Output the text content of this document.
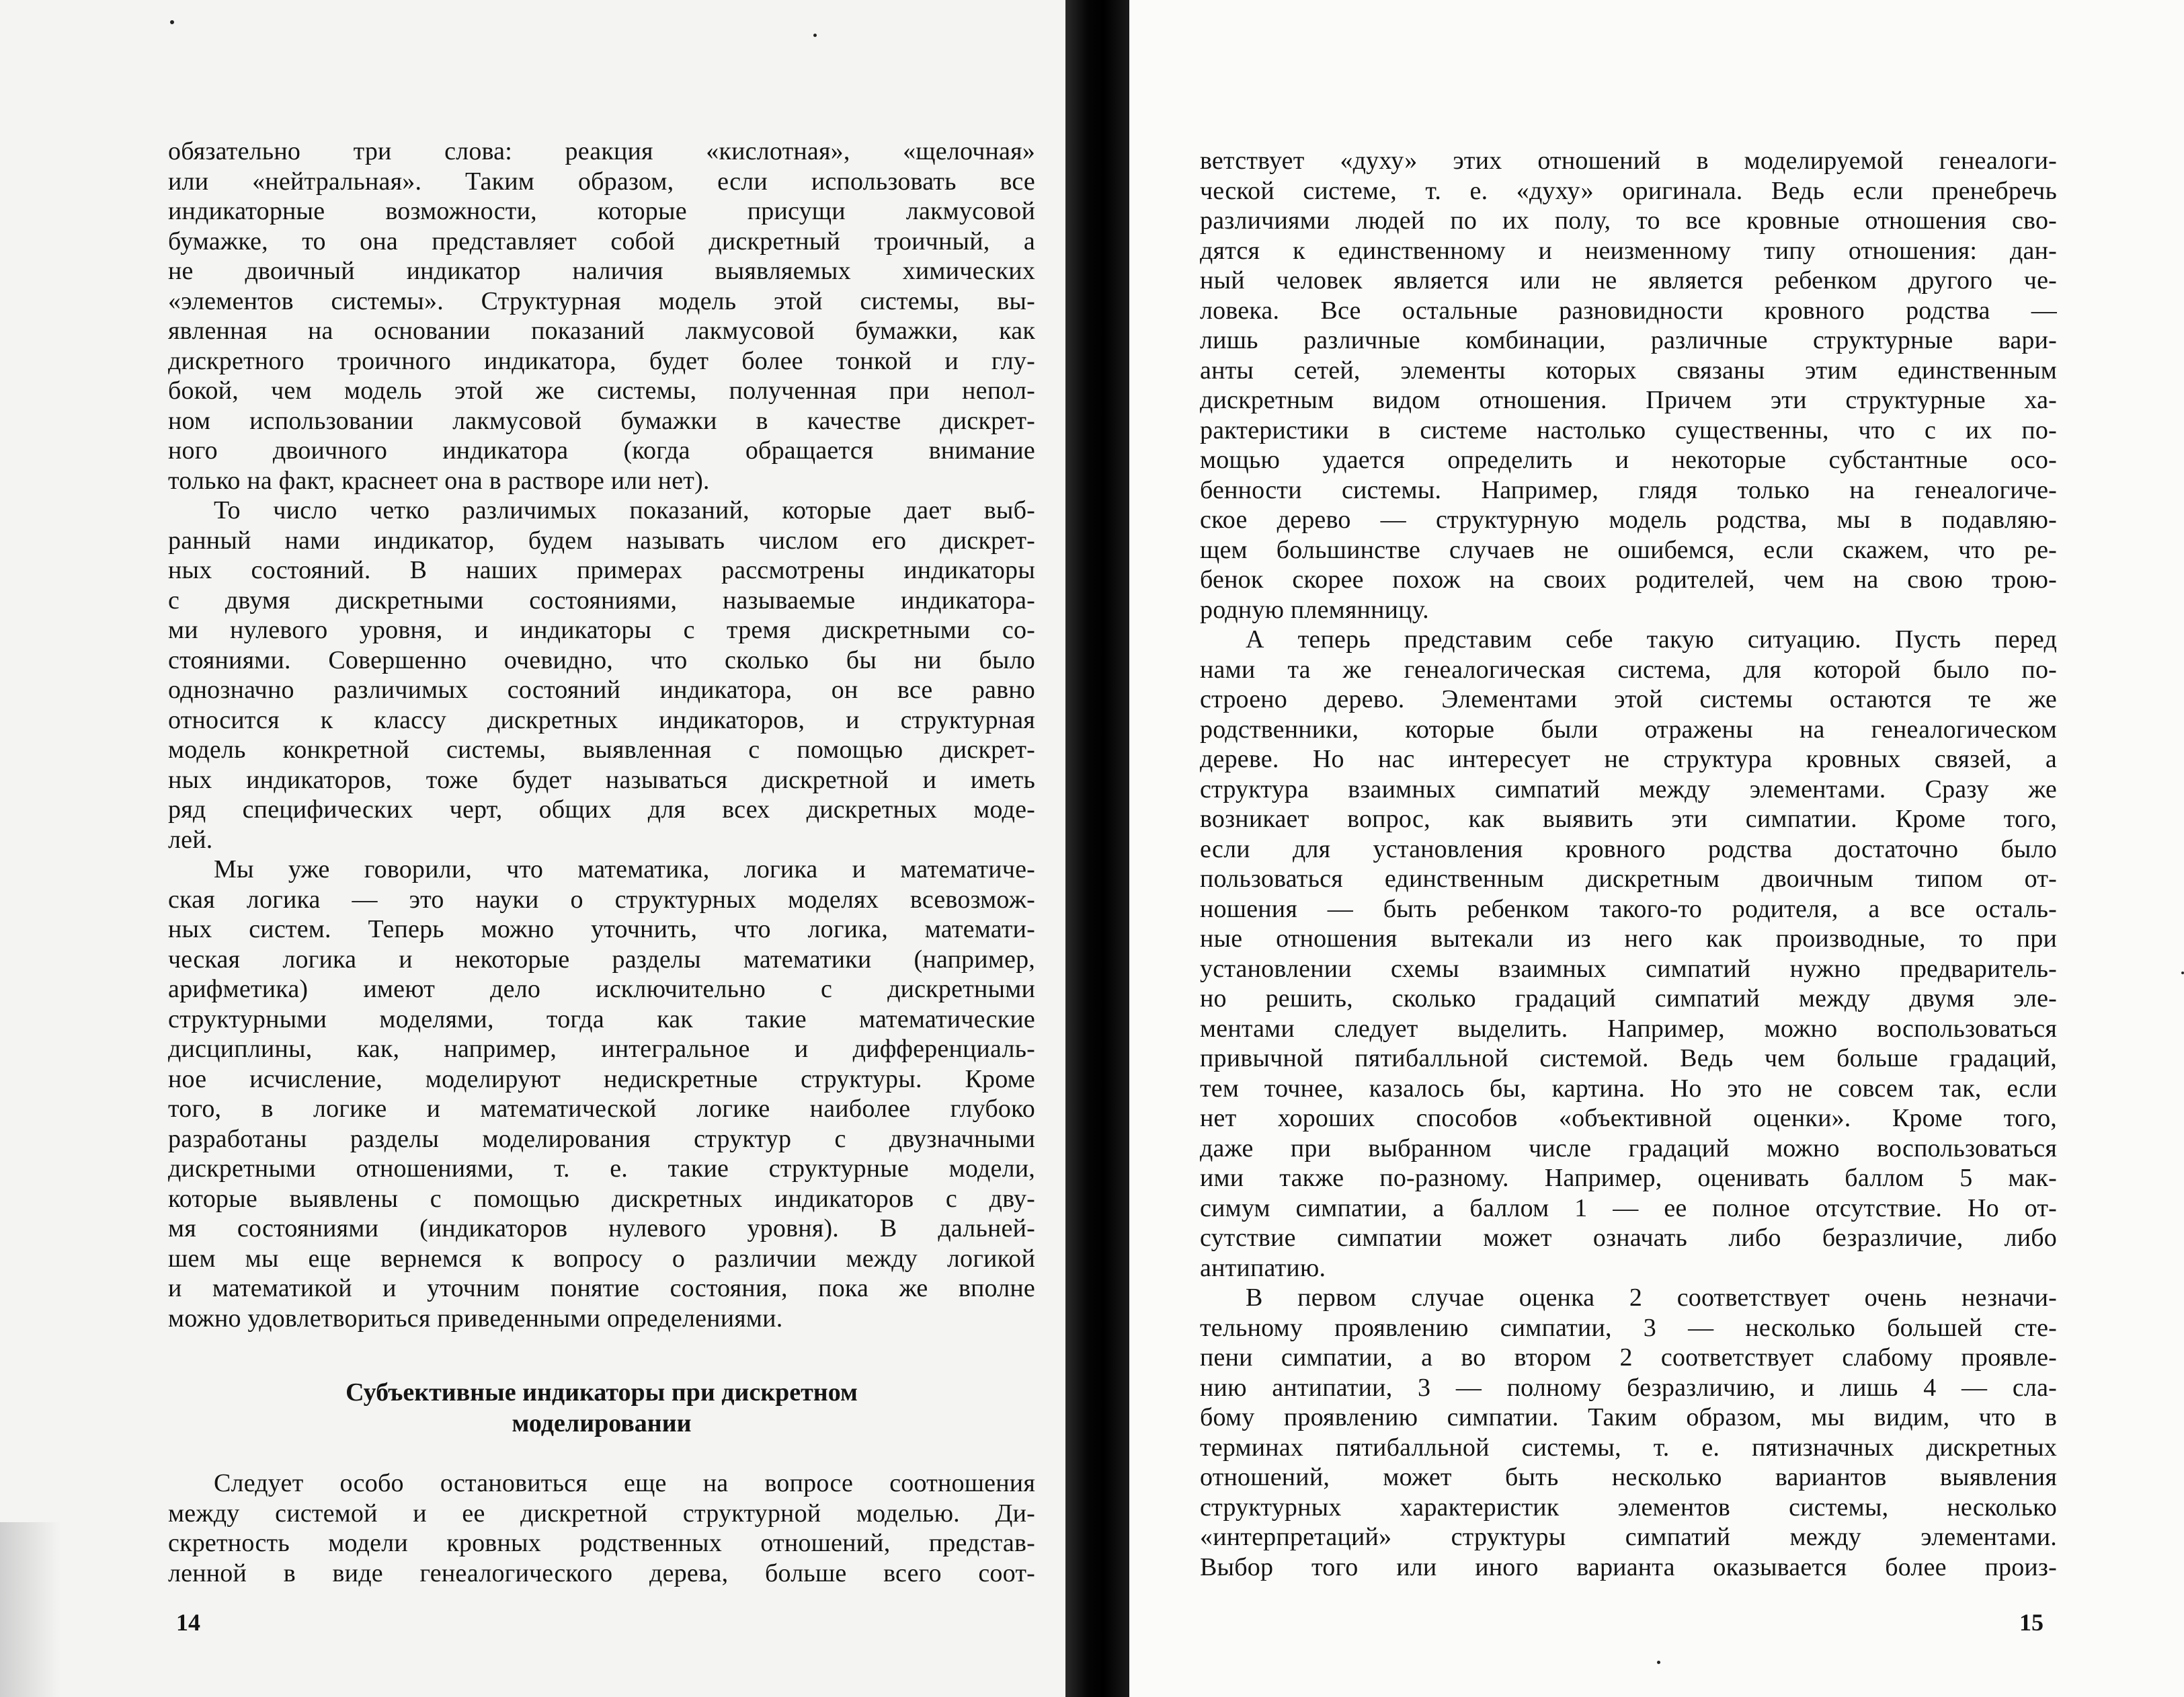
обязательно три слова: реакция «кислотная», «щелочная»
или «нейтральная». Таким образом, если использовать все
индикаторные возможности, которые присущи лакмусовой
бумажке, то она представляет собой дискретный троичный, а
не двоичный индикатор наличия выявляемых химических
«элементов системы». Структурная модель этой системы, вы-
явленная на основании показаний лакмусовой бумажки, как
дискретного троичного индикатора, будет более тонкой и глу-
бокой, чем модель этой же системы, полученная при непол-
ном использовании лакмусовой бумажки в качестве дискрет-
ного двоичного индикатора (когда обращается внимание
только на факт, краснеет она в растворе или нет).
То число четко различимых показаний, которые дает выб-
ранный нами индикатор, будем называть числом его дискрет-
ных состояний. В наших примерах рассмотрены индикаторы
с двумя дискретными состояниями, называемые индикатора-
ми нулевого уровня, и индикаторы с тремя дискретными со-
стояниями. Совершенно очевидно, что сколько бы ни было
однозначно различимых состояний индикатора, он все равно
относится к классу дискретных индикаторов, и структурная
модель конкретной системы, выявленная с помощью дискрет-
ных индикаторов, тоже будет называться дискретной и иметь
ряд специфических черт, общих для всех дискретных моде-
лей.
Мы уже говорили, что математика, логика и математиче-
ская логика — это науки о структурных моделях всевозмож-
ных систем. Теперь можно уточнить, что логика, математи-
ческая логика и некоторые разделы математики (например,
арифметика) имеют дело исключительно с дискретными
структурными моделями, тогда как такие математические
дисциплины, как, например, интегральное и дифференциаль-
ное исчисление, моделируют недискретные структуры. Кроме
того, в логике и математической логике наиболее глубоко
разработаны разделы моделирования структур с двузначными
дискретными отношениями, т. е. такие структурные модели,
которые выявлены с помощью дискретных индикаторов с дву-
мя состояниями (индикаторов нулевого уровня). В дальней-
шем мы еще вернемся к вопросу о различии между логикой
и математикой и уточним понятие состояния, пока же вполне
можно удовлетвориться приведенными определениями.
Субъективные индикаторы при дискретном
моделировании
Следует особо остановиться еще на вопросе соотношения
между системой и ее дискретной структурной моделью. Ди-
скретность модели кровных родственных отношений, представ-
ленной в виде генеалогического дерева, больше всего соот-
14
ветствует «духу» этих отношений в моделируемой генеалоги-
ческой системе, т. е. «духу» оригинала. Ведь если пренебречь
различиями людей по их полу, то все кровные отношения сво-
дятся к единственному и неизменному типу отношения: дан-
ный человек является или не является ребенком другого че-
ловека. Все остальные разновидности кровного родства —
лишь различные комбинации, различные структурные вари-
анты сетей, элементы которых связаны этим единственным
дискретным видом отношения. Причем эти структурные ха-
рактеристики в системе настолько существенны, что с их по-
мощью удается определить и некоторые субстантные осо-
бенности системы. Например, глядя только на генеалогиче-
ское дерево — структурную модель родства, мы в подавляю-
щем большинстве случаев не ошибемся, если скажем, что ре-
бенок скорее похож на своих родителей, чем на свою трою-
родную племянницу.
А теперь представим себе такую ситуацию. Пусть перед
нами та же генеалогическая система, для которой было по-
строено дерево. Элементами этой системы остаются те же
родственники, которые были отражены на генеалогическом
дереве. Но нас интересует не структура кровных связей, а
структура взаимных симпатий между элементами. Сразу же
возникает вопрос, как выявить эти симпатии. Кроме того,
если для установления кровного родства достаточно было
пользоваться единственным дискретным двоичным типом от-
ношения — быть ребенком такого-то родителя, а все осталь-
ные отношения вытекали из него как производные, то при
установлении схемы взаимных симпатий нужно предваритель-
но решить, сколько градаций симпатий между двумя эле-
ментами следует выделить. Например, можно воспользоваться
привычной пятибалльной системой. Ведь чем больше градаций,
тем точнее, казалось бы, картина. Но это не совсем так, если
нет хороших способов «объективной оценки». Кроме того,
даже при выбранном числе градаций можно воспользоваться
ими также по-разному. Например, оценивать баллом 5 мак-
симум симпатии, а баллом 1 — ее полное отсутствие. Но от-
сутствие симпатии может означать либо безразличие, либо
антипатию.
В первом случае оценка 2 соответствует очень незначи-
тельному проявлению симпатии, 3 — несколько большей сте-
пени симпатии, а во втором 2 соответствует слабому проявле-
нию антипатии, 3 — полному безразличию, и лишь 4 — сла-
бому проявлению симпатии. Таким образом, мы видим, что в
терминах пятибалльной системы, т. е. пятизначных дискретных
отношений, может быть несколько вариантов выявления
структурных характеристик элементов системы, несколько
«интерпретаций» структуры симпатий между элементами.
Выбор того или иного варианта оказывается более произ-
15
